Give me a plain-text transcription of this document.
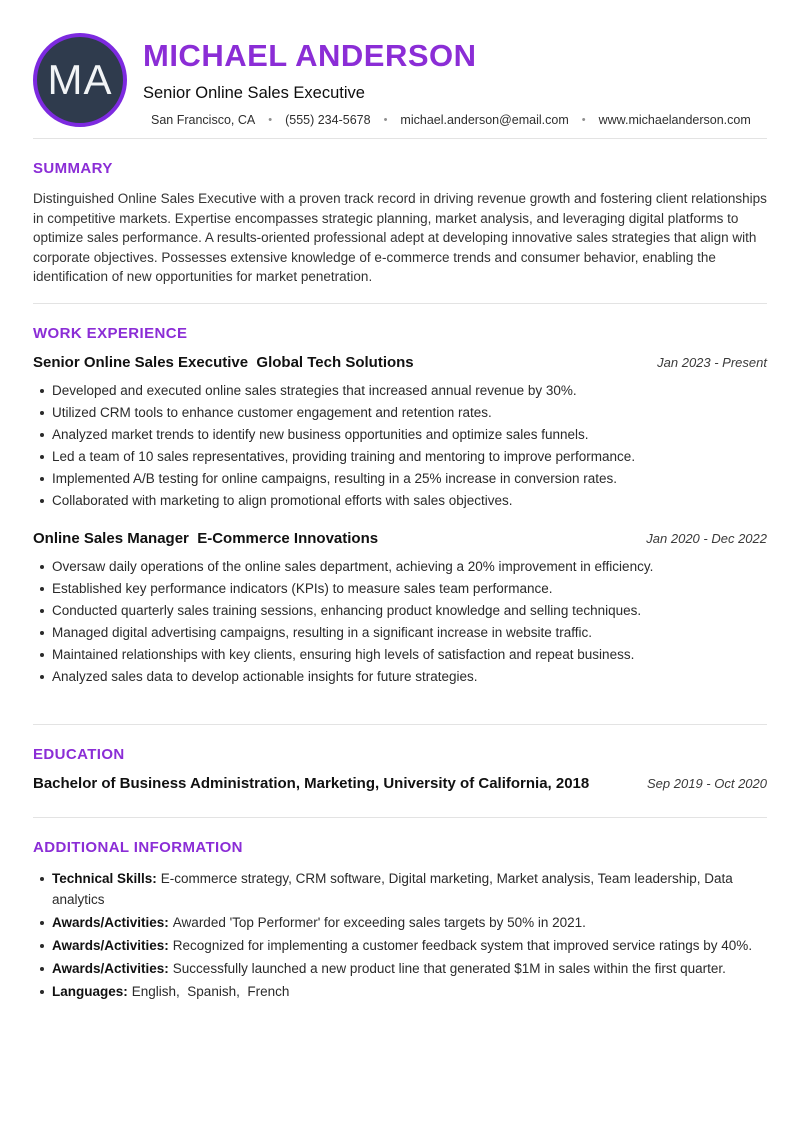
MA
MICHAEL ANDERSON
Senior Online Sales Executive
San Francisco, CA • (555) 234-5678 • michael.anderson@email.com • www.michaelanderson.com
SUMMARY

Distinguished Online Sales Executive with a proven track record in driving revenue growth and fostering client relationships in competitive markets. Expertise encompasses strategic planning, market analysis, and leveraging digital platforms to optimize sales performance. A results-oriented professional adept at developing innovative sales strategies that align with corporate objectives. Possesses extensive knowledge of e-commerce trends and consumer behavior, enabling the identification of new opportunities for market penetration.

WORK EXPERIENCE
Senior Online Sales Executive  Global Tech Solutions	Jan 2023 - Present
Developed and executed online sales strategies that increased annual revenue by 30%.
Utilized CRM tools to enhance customer engagement and retention rates.
Analyzed market trends to identify new business opportunities and optimize sales funnels.
Led a team of 10 sales representatives, providing training and mentoring to improve performance.
Implemented A/B testing for online campaigns, resulting in a 25% increase in conversion rates.
Collaborated with marketing to align promotional efforts with sales objectives.
Online Sales Manager  E-Commerce Innovations	Jan 2020 - Dec 2022
Oversaw daily operations of the online sales department, achieving a 20% improvement in efficiency.
Established key performance indicators (KPIs) to measure sales team performance.
Conducted quarterly sales training sessions, enhancing product knowledge and selling techniques.
Managed digital advertising campaigns, resulting in a significant increase in website traffic.
Maintained relationships with key clients, ensuring high levels of satisfaction and repeat business.
Analyzed sales data to develop actionable insights for future strategies.
EDUCATION
Bachelor of Business Administration, Marketing, University of California, 2018	Sep 2019 - Oct 2020
ADDITIONAL INFORMATION
Technical Skills: E-commerce strategy, CRM software, Digital marketing, Market analysis, Team leadership, Data analytics
Awards/Activities: Awarded 'Top Performer' for exceeding sales targets by 50% in 2021.
Awards/Activities: Recognized for implementing a customer feedback system that improved service ratings by 40%.
Awards/Activities: Successfully launched a new product line that generated $1M in sales within the first quarter.
Languages: English,  Spanish,  French
